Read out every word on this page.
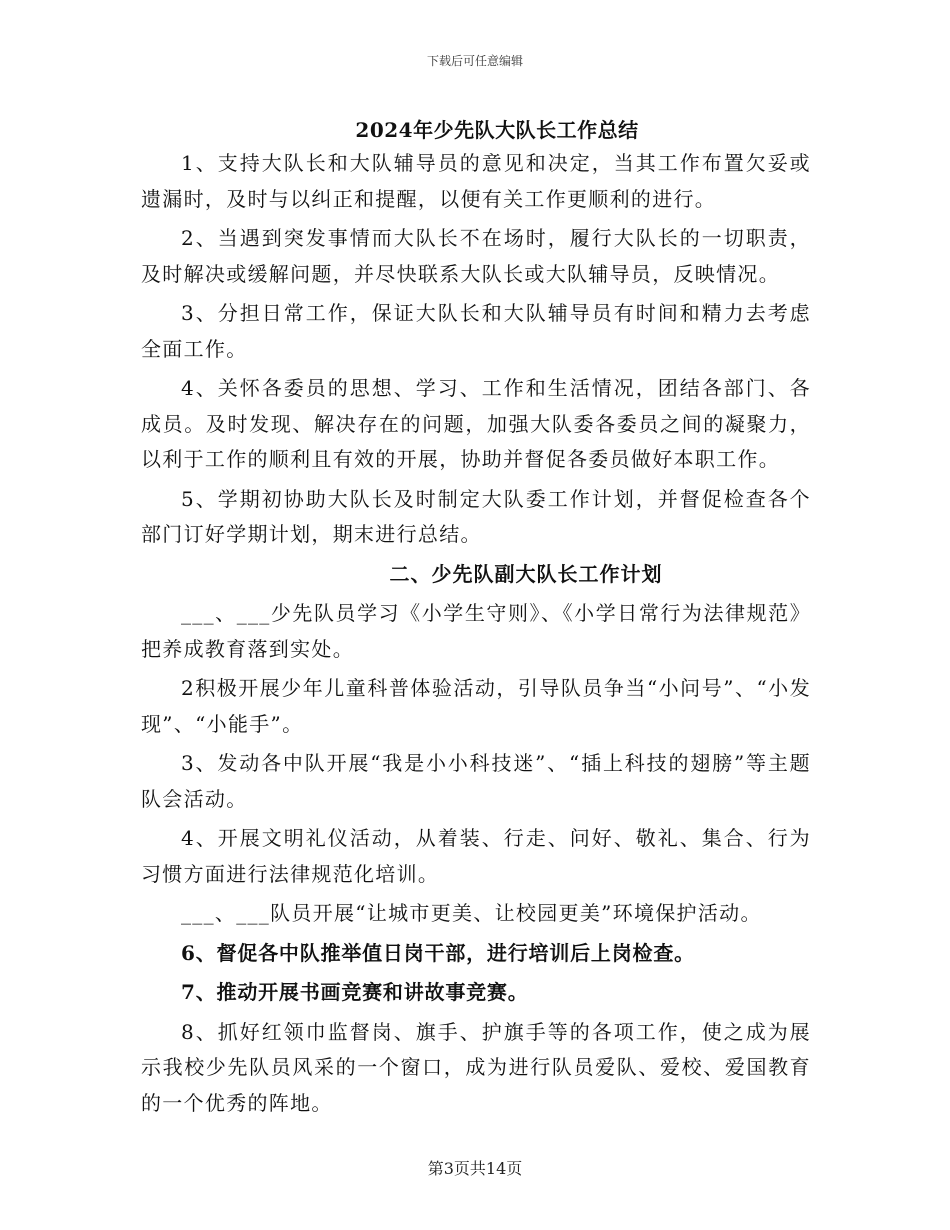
下载后可任意编辑
2024年少先队大队长工作总结

1、支持大队长和大队辅导员的意见和决定，当其工作布置欠妥或遗漏时，及时与以纠正和提醒，以便有关工作更顺利的进行。

2、当遇到突发事情而大队长不在场时，履行大队长的一切职责，及时解决或缓解问题，并尽快联系大队长或大队辅导员，反映情况。

3、分担日常工作，保证大队长和大队辅导员有时间和精力去考虑全面工作。

4、关怀各委员的思想、学习、工作和生活情况，团结各部门、各成员。及时发现、解决存在的问题，加强大队委各委员之间的凝聚力，以利于工作的顺利且有效的开展，协助并督促各委员做好本职工作。

5、学期初协助大队长及时制定大队委工作计划，并督促检查各个部门订好学期计划，期末进行总结。

二、少先队副大队长工作计划

___、___少先队员学习《小学生守则》、《小学日常行为法律规范》把养成教育落到实处。

2积极开展少年儿童科普体验活动，引导队员争当“小问号”、“小发现”、“小能手”。

3、发动各中队开展“我是小小科技迷”、“插上科技的翅膀”等主题队会活动。

4、开展文明礼仪活动，从着装、行走、问好、敬礼、集合、行为习惯方面进行法律规范化培训。

___、___队员开展“让城市更美、让校园更美”环境保护活动。

6、督促各中队推举值日岗干部，进行培训后上岗检查。

7、推动开展书画竞赛和讲故事竞赛。

8、抓好红领巾监督岗、旗手、护旗手等的各项工作，使之成为展示我校少先队员风采的一个窗口，成为进行队员爱队、爱校、爱国教育的一个优秀的阵地。

第3页共14页
